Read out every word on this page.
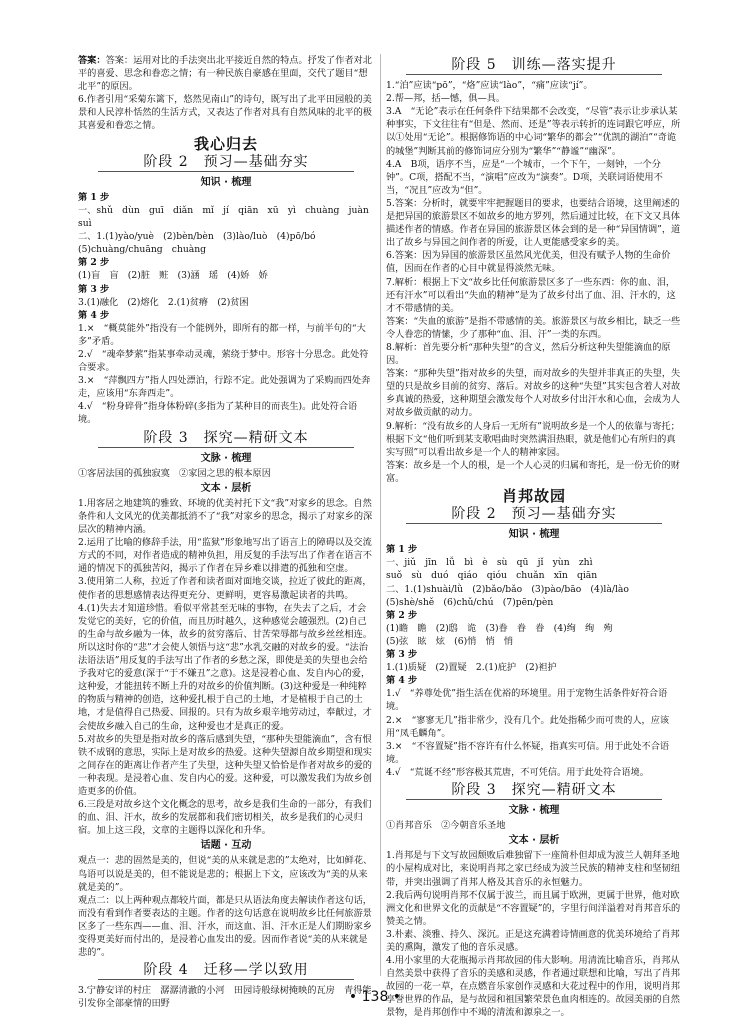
答案：答案：运用对比的手法突出北平接近自然的特点。抒发了作者对北平的喜爱、思念和眷恋之情；有一种民族自豪感在里面，交代了题目“想北平”的原因。

6.作者引用“采菊东篱下，悠然见南山”的诗句，既写出了北平田园般的美景和人民淳朴恬然的生活方式，又表达了作者对具有自然风味的北平的极其喜爱和眷恋之情。

我心归去
阶段 2　预习—基础夯实
知识 · 梳理

第 1 步

一、shǔ　dùn　guī　diǎn　mǐ　jí　qiān　xū　yì　chuàng　juàn　suì

二、1.(1)yào/yuè　(2)bèn/bèn　(3)lào/luò　(4)pō/bó

(5)chuàng/chuāng　chuàng

第 2 步

(1)盲　盲　(2)脏　赃　(3)涵　瑶　(4)娇　娇

第 3 步

3.(1)融化　(2)熔化　2.(1)贫瘠　(2)贫困

第 4 步

1.×　“概莫能外”指没有一个能例外，即所有的都一样，与前半句的“大多”矛盾。

2.√　“魂牵梦萦”指某事牵动灵魂，萦绕于梦中。形容十分思念。此处符合要求。

3.×　“萍飘四方”指人四处漂泊，行踪不定。此处强调为了采购而四处奔走，应该用“东奔西走”。

4.√　“粉身碎骨”指身体粉碎(多指为了某种目的而丧生)。此处符合语境。

阶段 3　探究—精研文本
文脉 · 梳理

①客居法国的孤独寂寞　②家园之思的根本原因

文本 · 层析

1.用客居之地建筑的雅致、环境的优美衬托下文“我”对家乡的思念。自然条件和人文风光的优美都抵消不了“我”对家乡的思念，揭示了对家乡的深层次的精神内涵。

2.运用了比喻的修辞手法，用“监狱”形象地写出了语言上的障碍以及交流方式的不同，对作者造成的精神负担，用反复的手法写出了作者在语言不通的情况下的孤独苦闷，揭示了作者在异乡难以排遣的孤独和空虚。

3.使用第二人称，拉近了作者和读者面对面地交谈，拉近了彼此的距离，使作者的思想感情表达得更充分、更鲜明，更容易激起读者的共鸣。

4.(1)失去才知道珍惜。看似平常甚至无味的事物，在失去了之后，才会发觉它的美好，它的价值，而且历时越久，这种感觉会越强烈。(2)自己的生命与故乡融为一体，故乡的贫穷落后、甘苦荣辱都与故乡丝丝相连。所以这时你的“悲”才会使人领悟与这“悲”水乳交融的对故乡的爱。“法治法语法语”用反复的手法写出了作者的乡愁之深，即使是美的失望也会给予我对它的爱意(深于“于不嫌丑”之意)。这是浸着心血、发自内心的爱，这种爱，才能扭转不断上升的对故乡的价值判断。(3)这种爱是一种纯粹的物质与精神的创造，这种爱扎根于自己的土地，才是植根于自己的土地，才是值得自己热爱、回报的。只有为故乡艰辛地劳动过，奉献过，才会使故乡融入自己的生命，这种爱也才是真正的爱。

5.对故乡的失望是指对故乡的落后感到失望，“那种失望能滴血”，含有恨铁不成钢的意思，实际上是对故乡的热爱。这种失望源自故乡期望和现实之间存在的距离让作者产生了失望，这种失望又恰恰是作者对故乡的爱的一种表现。是浸着心血、发自内心的爱。这种爱，可以激发我们为故乡创造更多的价值。

6.三段是对故乡这个文化概念的思考，故乡是我们生命的一部分，有我们的血、泪、汗水，故乡的发展都和我们密切相关，故乡是我们的心灵归宿。加上这三段，文章的主题得以深化和升华。

话题 · 互动

观点一：悲的固然是美的，但说“美的从来就是悲的”太绝对，比如鲜花、鸟语可以说是美的，但不能说是悲的；根据上下文，应该改为“美的从来就是美的”。

观点二：以上两种观点都较片面，都是只从语法角度去解读作者这句话，而没有看到作者要表达的主题。作者的这句话意在说明故乡比任何旅游景区多了一些东西——血、泪、汗水，而这血、泪、汗水正是人们期盼家乡变得更美好而付出的，是浸着心血发出的爱。因而作者说“美的从来就是悲的”。

阶段 4　迁移—学以致用

3.宁静安详的村庄　潺潺清澈的小河　田园诗般绿树掩映的瓦房　青得能引发你全部豪情的田野

阶段 5　训练—落实提升

1.“泊”应读“pō”，“烙”应读“lào”，“痛”应读“jí”。

2.帮—邦，括—憾，俱—具。

3.A　“无论”表示在任何条件下结果都不会改变，“尽管”表示让步承认某种事实，下文往往有“但是、然而、还是”等表示转折的连词跟它呼应，所以①处用“无论”。根据修饰语的中心词“繁华的都会”“优凯的湖泊”“奇诡的城堡”判断其前的修饰词应分别为“繁华”“静谧”“幽深”。

4.A　B项，语序不当，应是“一个城市，一个下午，一刻钟，一个分钟”。C项，搭配不当，“演唱”应改为“演奏”。D项，关联词语使用不当，“况且”应改为“但”。

5.答案：分析时，就要牢牢把握题目的要求，也要结合语境，这里阐述的是把异国的旅游景区不如故乡的地方罗列，然后通过比较，在下文又具体描述作者的情感。作者在异国的旅游景区体会到的是一种“异国情调”，道出了故乡与异国之间作者的所爱，让人更能感受家乡的美。

6.答案：因为异国的旅游景区虽然风光优美，但没有赋予人物的生命价值，因而在作者的心目中就显得淡然无味。

7.解析：根据上下文“故乡比任何旅游景区多了一些东西：你的血、泪，还有汗水”可以看出“失血的精神”是为了故乡付出了血、泪、汗水的，这才不带感情的美。

答案：“失血的旅游”是指不带感情的美。旅游景区与故乡相比，缺乏一些令人眷恋的情愫，少了那种“血、泪、汗”一类的东西。

8.解析：首先要分析“那种失望”的含义，然后分析这种失望能滴血的原因。

答案：“那种失望”指对故乡的失望，而对故乡的失望并非真正的失望，失望的只是故乡目前的贫穷、落后。对故乡的这种“失望”其实包含着人对故乡真诚的热爱，这种期望会激发每个人对故乡付出汗水和心血，会成为人对故乡做贡献的动力。

9.解析：“没有故乡的人身后一无所有”说明故乡是一个人的依靠与寄托；根据下文“他们听到某支歌唱曲时突然满泪热眼，就是他们心有所归的真实写照”可以看出故乡是一个人的精神家园。

答案：故乡是一个人的根，是一个人心灵的归属和寄托，是一份无价的财富。

肖邦故园
阶段 2　预习—基础夯实
知识 · 梳理

第 1 步

一、jiǔ　jīn　lǚ　bì　è　sù　qū　jǐ　yùn　zhì

suǒ　sù　duó　qiáo　qióu　chuǎn　xīn　qiān

二、1.(1)shuài/lǜ　(2)bǎo/bǎo　(3)pào/bāo　(4)là/lào

(5)shè/shě　(6)chǔ/chú　(7)pēn/pèn

第 2 步

(1)瞻　瞻　(2)鸱　诡　(3)眷　眷　眷　(4)绚　绚　殉

(5)弦　眩　炫　(6)悄　悄　悄

第 3 步

1.(1)质疑　(2)置疑　2.(1)庇护　(2)袒护

第 4 步

1.√　“养尊处优”指生活在优裕的环境里。用于宠物生活条件好符合语境。

2.×　“寥寥无几”指非常少，没有几个。此处指稀少而可贵的人，应该用“凤毛麟角”。

3.×　“不容置疑”指不容许有什么怀疑，指真实可信。用于此处不合语境。

4.√　“荒诞不经”形容极其荒唐，不可凭信。用于此处符合语境。

阶段 3　探究—精研文本
文脉 · 梳理

①肖邦音乐　②今朝音乐圣地

文本 · 层析

1.肖邦是与下文写故园颓败后难独留下一座简朴但却成为波兰人朝拜圣地的小屋构成对比，来说明肖邦之家已经成为波兰民族的精神支柱和坚韧纽带，并突出强调了肖邦人格及其音乐的永恒魅力。

2.我后两句说明肖邦不仅属于波兰，而且属于欧洲，更属于世界，他对欧洲文化和世界文化的贡献是“不容置疑”的，字里行间洋溢着对肖邦音乐的赞美之情。

3.朴素、淡雅、持久、深沉。正是这充满着诗情画意的优美环境给了肖邦美的熏陶，激发了他的音乐灵感。

4.用小家里的大花瓶揭示肖邦故园的伟大影响。用清流比喻音乐，肖邦从自然美景中获得了音乐的美感和灵感，作者通过联想和比喻，写出了肖邦故园的一花一草，在点燃音乐家创作灵感和大花过程中的作用，说明肖邦享誉世界的作品，是与故园和祖国繁荣景色血肉相连的。故园美丽的自然景物，是肖邦创作中不竭的清流和源泉之一。

• 138 •
